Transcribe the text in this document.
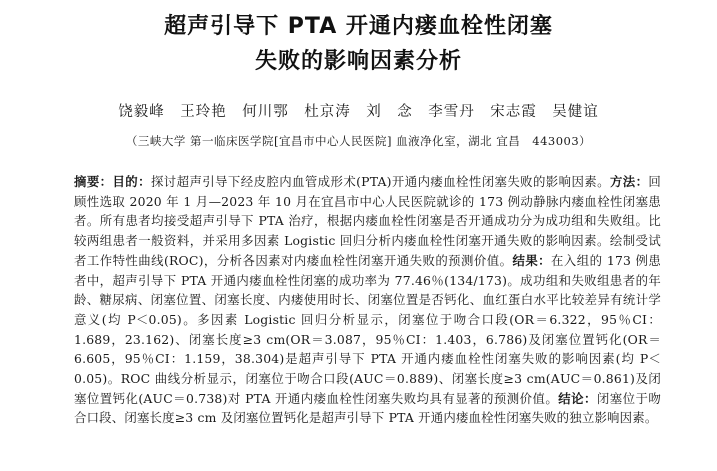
超声引导下 PTA 开通内瘘血栓性闭塞
失败的影响因素分析
饶毅峰　王玲艳　何川鄂　杜京涛　刘　念　李雪丹　宋志霞　吴健谊
（三峡大学 第一临床医学院[宜昌市中心人民医院] 血液净化室，湖北 宜昌　443003）

摘要：目的：探讨超声引导下经皮腔内血管成形术(PTA)开通内瘘血栓性闭塞失败的影响因素。方法：回顾性选取 2020 年 1 月—2023 年 10 月在宜昌市中心人民医院就诊的 173 例动静脉内瘘血栓性闭塞患者。所有患者均接受超声引导下 PTA 治疗，根据内瘘血栓性闭塞是否开通成功分为成功组和失败组。比较两组患者一般资料，并采用多因素 Logistic 回归分析内瘘血栓性闭塞开通失败的影响因素。绘制受试者工作特性曲线(ROC)，分析各因素对内瘘血栓性闭塞开通失败的预测价值。结果：在入组的 173 例患者中，超声引导下 PTA 开通内瘘血栓性闭塞的成功率为 77.46％(134/173)。成功组和失败组患者的年龄、糖尿病、闭塞位置、闭塞长度、内瘘使用时长、闭塞位置是否钙化、血红蛋白水平比较差异有统计学意义(均 P＜0.05)。多因素 Logistic 回归分析显示，闭塞位于吻合口段(OR＝6.322，95％CI：1.689，23.162)、闭塞长度≥3 cm(OR＝3.087，95％CI：1.403，6.786)及闭塞位置钙化(OR＝6.605，95％CI：1.159，38.304)是超声引导下 PTA 开通内瘘血栓性闭塞失败的影响因素(均 P＜0.05)。ROC 曲线分析显示，闭塞位于吻合口段(AUC＝0.889)、闭塞长度≥3 cm(AUC＝0.861)及闭塞位置钙化(AUC＝0.738)对 PTA 开通内瘘血栓性闭塞失败均具有显著的预测价值。结论：闭塞位于吻合口段、闭塞长度≥3 cm 及闭塞位置钙化是超声引导下 PTA 开通内瘘血栓性闭塞失败的独立影响因素。
